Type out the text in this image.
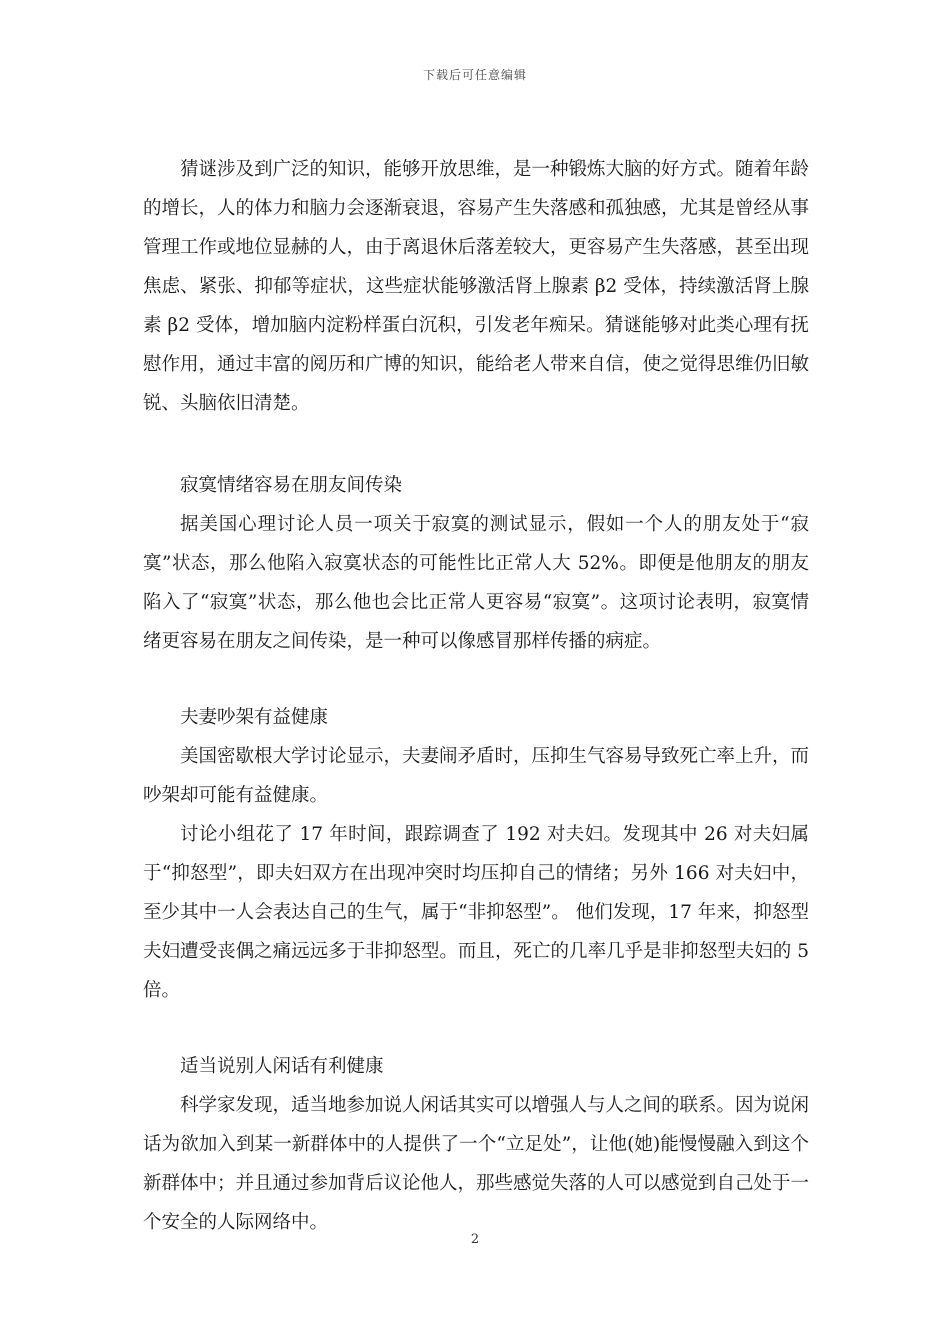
下载后可任意编辑

猜谜涉及到广泛的知识，能够开放思维，是一种锻炼大脑的好方式。随着年龄的增长，人的体力和脑力会逐渐衰退，容易产生失落感和孤独感，尤其是曾经从事管理工作或地位显赫的人，由于离退休后落差较大，更容易产生失落感，甚至出现焦虑、紧张、抑郁等症状，这些症状能够激活肾上腺素 β2 受体，持续激活肾上腺素 β2 受体，增加脑内淀粉样蛋白沉积，引发老年痴呆。猜谜能够对此类心理有抚慰作用，通过丰富的阅历和广博的知识，能给老人带来自信，使之觉得思维仍旧敏锐、头脑依旧清楚。

寂寞情绪容易在朋友间传染

据美国心理讨论人员一项关于寂寞的测试显示，假如一个人的朋友处于“寂寞”状态，那么他陷入寂寞状态的可能性比正常人大 52%。即便是他朋友的朋友陷入了“寂寞”状态，那么他也会比正常人更容易“寂寞”。这项讨论表明，寂寞情绪更容易在朋友之间传染，是一种可以像感冒那样传播的病症。

夫妻吵架有益健康

美国密歇根大学讨论显示，夫妻闹矛盾时，压抑生气容易导致死亡率上升，而吵架却可能有益健康。

讨论小组花了 17 年时间，跟踪调查了 192 对夫妇。发现其中 26 对夫妇属于“抑怒型”，即夫妇双方在出现冲突时均压抑自己的情绪；另外 166 对夫妇中，至少其中一人会表达自己的生气，属于“非抑怒型”。 他们发现，17 年来，抑怒型夫妇遭受丧偶之痛远远多于非抑怒型。而且，死亡的几率几乎是非抑怒型夫妇的 5 倍。

适当说别人闲话有利健康

科学家发现，适当地参加说人闲话其实可以增强人与人之间的联系。因为说闲话为欲加入到某一新群体中的人提供了一个“立足处”，让他(她)能慢慢融入到这个新群体中；并且通过参加背后议论他人，那些感觉失落的人可以感觉到自己处于一个安全的人际网络中。

2
